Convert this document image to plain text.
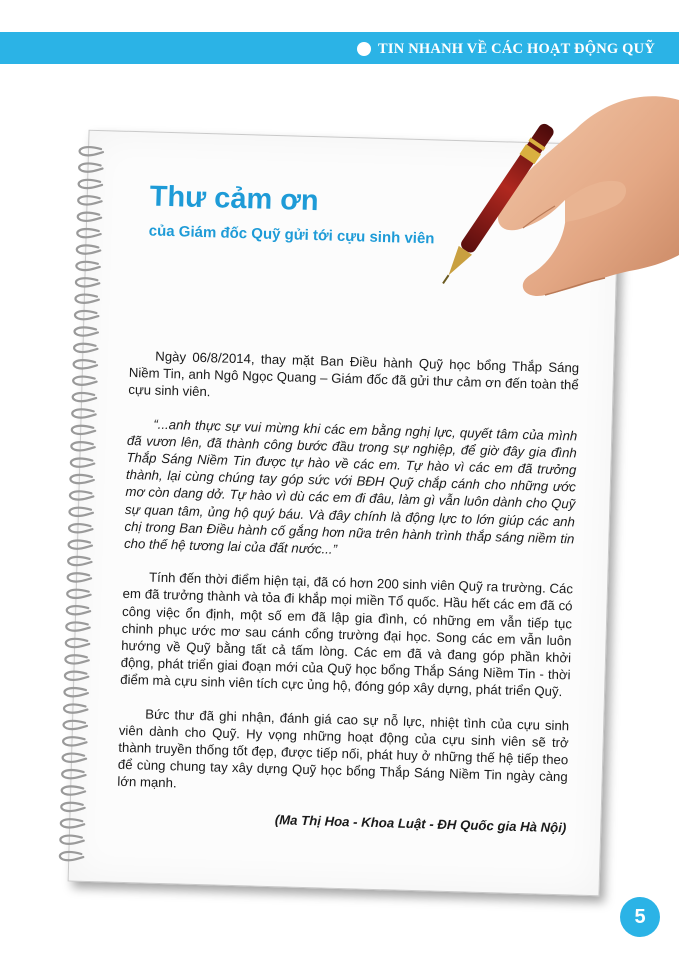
TIN NHANH VỀ CÁC HOẠT ĐỘNG QUỸ
Thư cảm ơn
của Giám đốc Quỹ gửi tới cựu sinh viên

Ngày 06/8/2014, thay mặt Ban Điều hành Quỹ học bổng Thắp Sáng Niềm Tin, anh Ngô Ngọc Quang – Giám đốc đã gửi thư cảm ơn đến toàn thể cựu sinh viên.

“...anh thực sự vui mừng khi các em bằng nghị lực, quyết tâm của mình đã vươn lên, đã thành công bước đầu trong sự nghiệp, để giờ đây gia đình Thắp Sáng Niềm Tin được tự hào về các em. Tự hào vì các em đã trưởng thành, lại cùng chúng tay góp sức với BĐH Quỹ chắp cánh cho những ước mơ còn dang dở. Tự hào vì dù các em đi đâu, làm gì vẫn luôn dành cho Quỹ sự quan tâm, ủng hộ quý báu. Và đây chính là động lực to lớn giúp các anh chị trong Ban Điều hành cố gắng hơn nữa trên hành trình thắp sáng niềm tin cho thế hệ tương lai của đất nước...”

Tính đến thời điểm hiện tại, đã có hơn 200 sinh viên Quỹ ra trường. Các em đã trưởng thành và tỏa đi khắp mọi miền Tổ quốc. Hầu hết các em đã có công việc ổn định, một số em đã lập gia đình, có những em vẫn tiếp tục chinh phục ước mơ sau cánh cổng trường đại học. Song các em vẫn luôn hướng về Quỹ bằng tất cả tấm lòng. Các em đã và đang góp phần khởi động, phát triển giai đoạn mới của Quỹ học bổng Thắp Sáng Niềm Tin - thời điểm mà cựu sinh viên tích cực ủng hộ, đóng góp xây dựng, phát triển Quỹ.

Bức thư đã ghi nhận, đánh giá cao sự nỗ lực, nhiệt tình của cựu sinh viên dành cho Quỹ. Hy vọng những hoạt động của cựu sinh viên sẽ trở thành truyền thống tốt đẹp, được tiếp nối, phát huy ở những thế hệ tiếp theo để cùng chung tay xây dựng Quỹ học bổng Thắp Sáng Niềm Tin ngày càng lớn mạnh.

(Ma Thị Hoa - Khoa Luật - ĐH Quốc gia Hà Nội)

5
